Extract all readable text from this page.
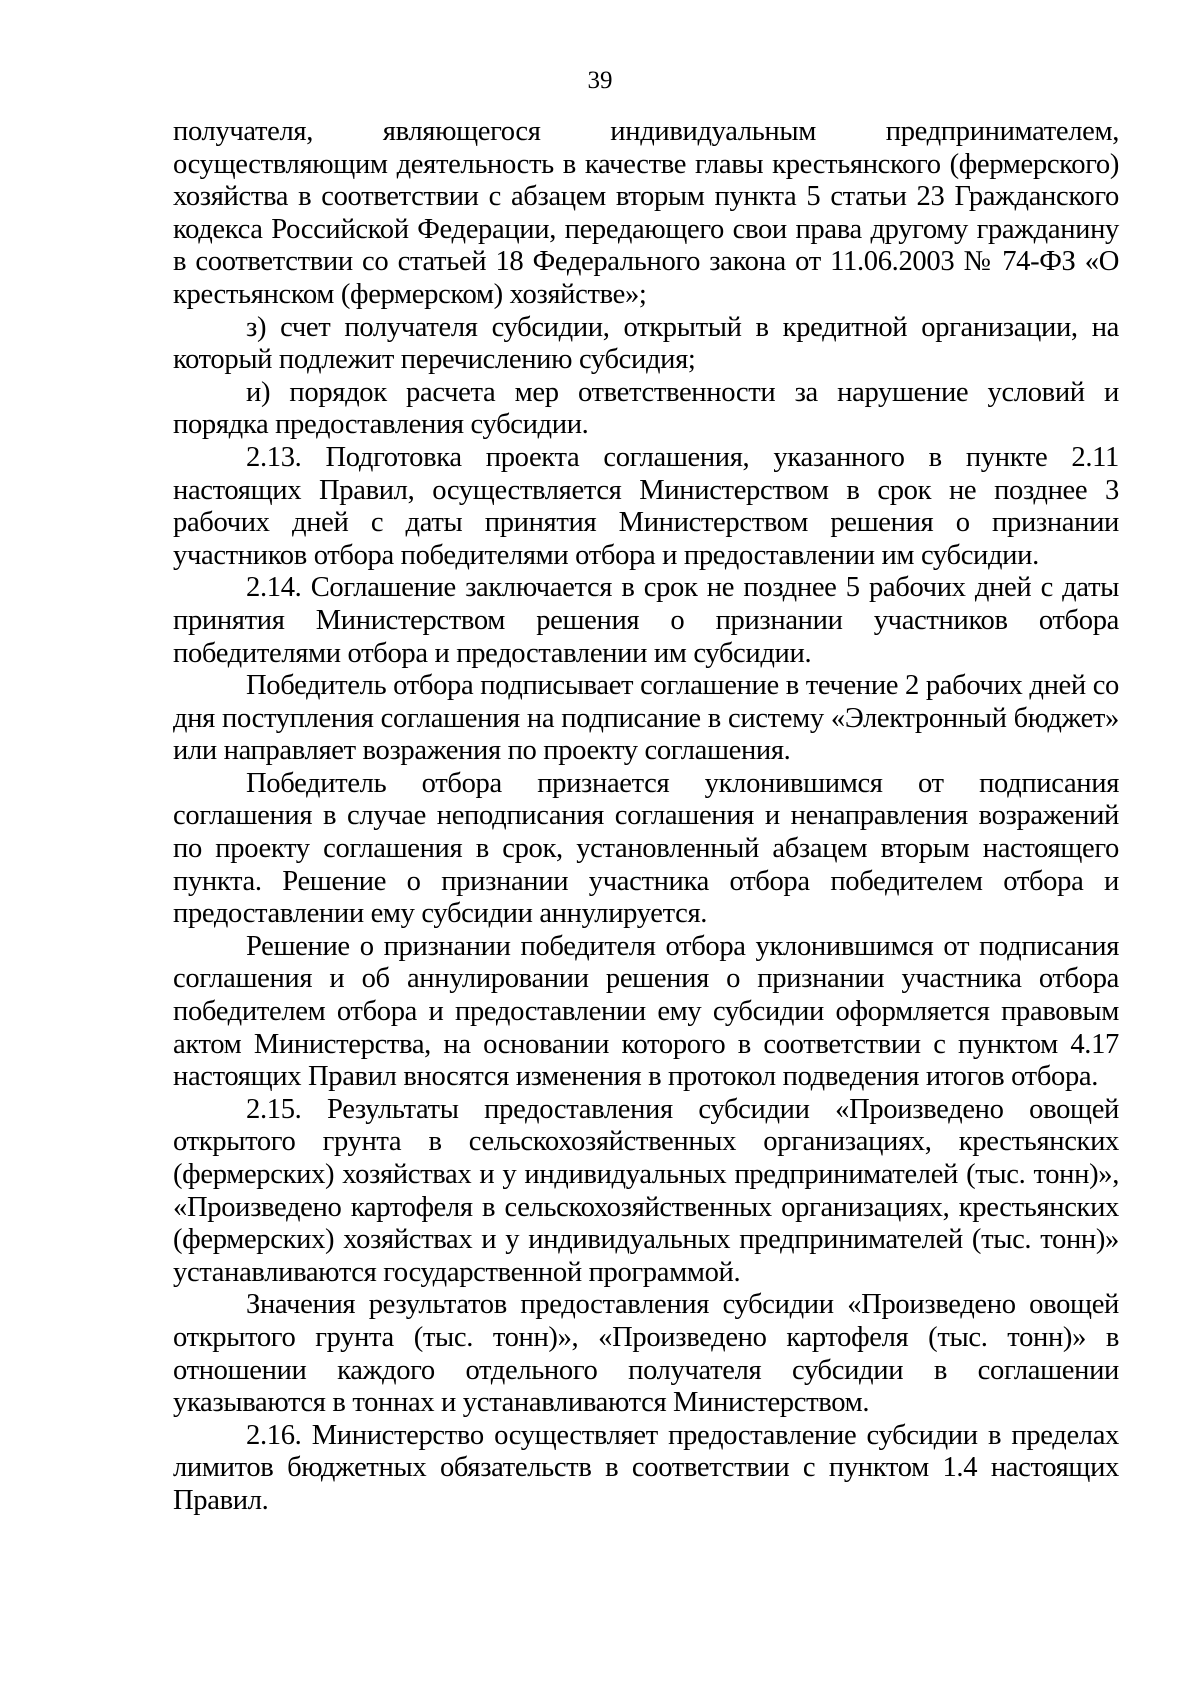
39

получателя, являющегося индивидуальным предпринимателем, осуществляющим деятельность в качестве главы крестьянского (фермерского) хозяйства в соответствии с абзацем вторым пункта 5 статьи 23 Гражданского кодекса Российской Федерации, передающего свои права другому гражданину в соответствии со статьей 18 Федерального закона от 11.06.2003 № 74-ФЗ «О крестьянском (фермерском) хозяйстве»;

з) счет получателя субсидии, открытый в кредитной организации, на который подлежит перечислению субсидия;

и) порядок расчета мер ответственности за нарушение условий и порядка предоставления субсидии.

2.13. Подготовка проекта соглашения, указанного в пункте 2.11 настоящих Правил, осуществляется Министерством в срок не позднее 3 рабочих дней с даты принятия Министерством решения о признании участников отбора победителями отбора и предоставлении им субсидии.

2.14. Соглашение заключается в срок не позднее 5 рабочих дней с даты принятия Министерством решения о признании участников отбора победителями отбора и предоставлении им субсидии.

Победитель отбора подписывает соглашение в течение 2 рабочих дней со дня поступления соглашения на подписание в систему «Электронный бюджет» или направляет возражения по проекту соглашения.

Победитель отбора признается уклонившимся от подписания соглашения в случае неподписания соглашения и ненаправления возражений по проекту соглашения в срок, установленный абзацем вторым настоящего пункта. Решение о признании участника отбора победителем отбора и предоставлении ему субсидии аннулируется.

Решение о признании победителя отбора уклонившимся от подписания соглашения и об аннулировании решения о признании участника отбора победителем отбора и предоставлении ему субсидии оформляется правовым актом Министерства, на основании которого в соответствии с пунктом 4.17 настоящих Правил вносятся изменения в протокол подведения итогов отбора.

2.15. Результаты предоставления субсидии «Произведено овощей открытого грунта в сельскохозяйственных организациях, крестьянских (фермерских) хозяйствах и у индивидуальных предпринимателей (тыс. тонн)», «Произведено картофеля в сельскохозяйственных организациях, крестьянских (фермерских) хозяйствах и у индивидуальных предпринимателей (тыс. тонн)» устанавливаются государственной программой.

Значения результатов предоставления субсидии «Произведено овощей открытого грунта (тыс. тонн)», «Произведено картофеля (тыс. тонн)» в отношении каждого отдельного получателя субсидии в соглашении указываются в тоннах и устанавливаются Министерством.

2.16. Министерство осуществляет предоставление субсидии в пределах лимитов бюджетных обязательств в соответствии с пунктом 1.4 настоящих Правил.
